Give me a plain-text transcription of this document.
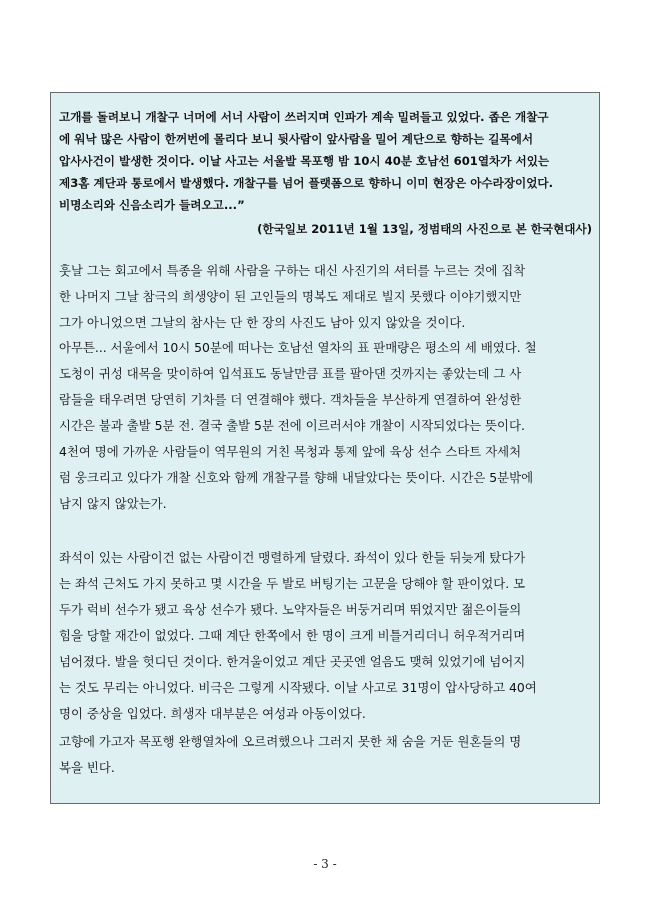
고개를 돌려보니 개찰구 너머에 서너 사람이 쓰러지며 인파가 계속 밀려들고 있었다. 좁은 개찰구
에 워낙 많은 사람이 한꺼번에 몰리다 보니 뒷사람이 앞사람을 밀어 계단으로 향하는 길목에서
압사사건이 발생한 것이다. 이날 사고는 서울발 목포행 밤 10시 40분 호남선 601열차가 서있는
제3홈 계단과 통로에서 발생했다. 개찰구를 넘어 플랫폼으로 향하니 이미 현장은 아수라장이었다.
비명소리와 신음소리가 들려오고...”
(한국일보 2011년 1월 13일, 정범태의 사진으로 본 한국현대사)
훗날 그는 회고에서 특종을 위해 사람을 구하는 대신 사진기의 셔터를 누르는 것에 집착
한 나머지 그날 참극의 희생양이 된 고인들의 명복도 제대로 빌지 못했다 이야기했지만
그가 아니었으면 그날의 참사는 단 한 장의 사진도 남아 있지 않았을 것이다.
아무튼... 서울에서 10시 50분에 떠나는 호남선 열차의 표 판매량은 평소의 세 배였다. 철
도청이 귀성 대목을 맞이하여 입석표도 동날만큼 표를 팔아댄 것까지는 좋았는데 그 사
람들을 태우려면 당연히 기차를 더 연결해야 했다. 객차들을 부산하게 연결하여 완성한
시간은 불과 출발 5분 전. 결국 출발 5분 전에 이르러서야 개찰이 시작되었다는 뜻이다.
4천여 명에 가까운 사람들이 역무원의 거친 목청과 통제 앞에 육상 선수 스타트 자세처
럼 웅크리고 있다가 개찰 신호와 함께 개찰구를 향해 내달았다는 뜻이다. 시간은 5분밖에
남지 않지 않았는가.
좌석이 있는 사람이건 없는 사람이건 맹렬하게 달렸다. 좌석이 있다 한들 뒤늦게 탔다가
는 좌석 근처도 가지 못하고 몇 시간을 두 발로 버팅기는 고문을 당해야 할 판이었다. 모
두가 럭비 선수가 됐고 육상 선수가 됐다. 노약자들은 버둥거리며 뛰었지만 젊은이들의
힘을 당할 재간이 없었다. 그때 계단 한쪽에서 한 명이 크게 비틀거리더니 허우적거리며
넘어졌다. 발을 헛디딘 것이다. 한겨울이었고 계단 곳곳엔 얼음도 맺혀 있었기에 넘어지
는 것도 무리는 아니었다. 비극은 그렇게 시작됐다. 이날 사고로 31명이 압사당하고 40여
명이 중상을 입었다. 희생자 대부분은 여성과 아동이었다.
고향에 가고자 목포행 완행열차에 오르려했으나 그러지 못한 채 숨을 거둔 원혼들의 명
복을 빈다.
- 3 -
